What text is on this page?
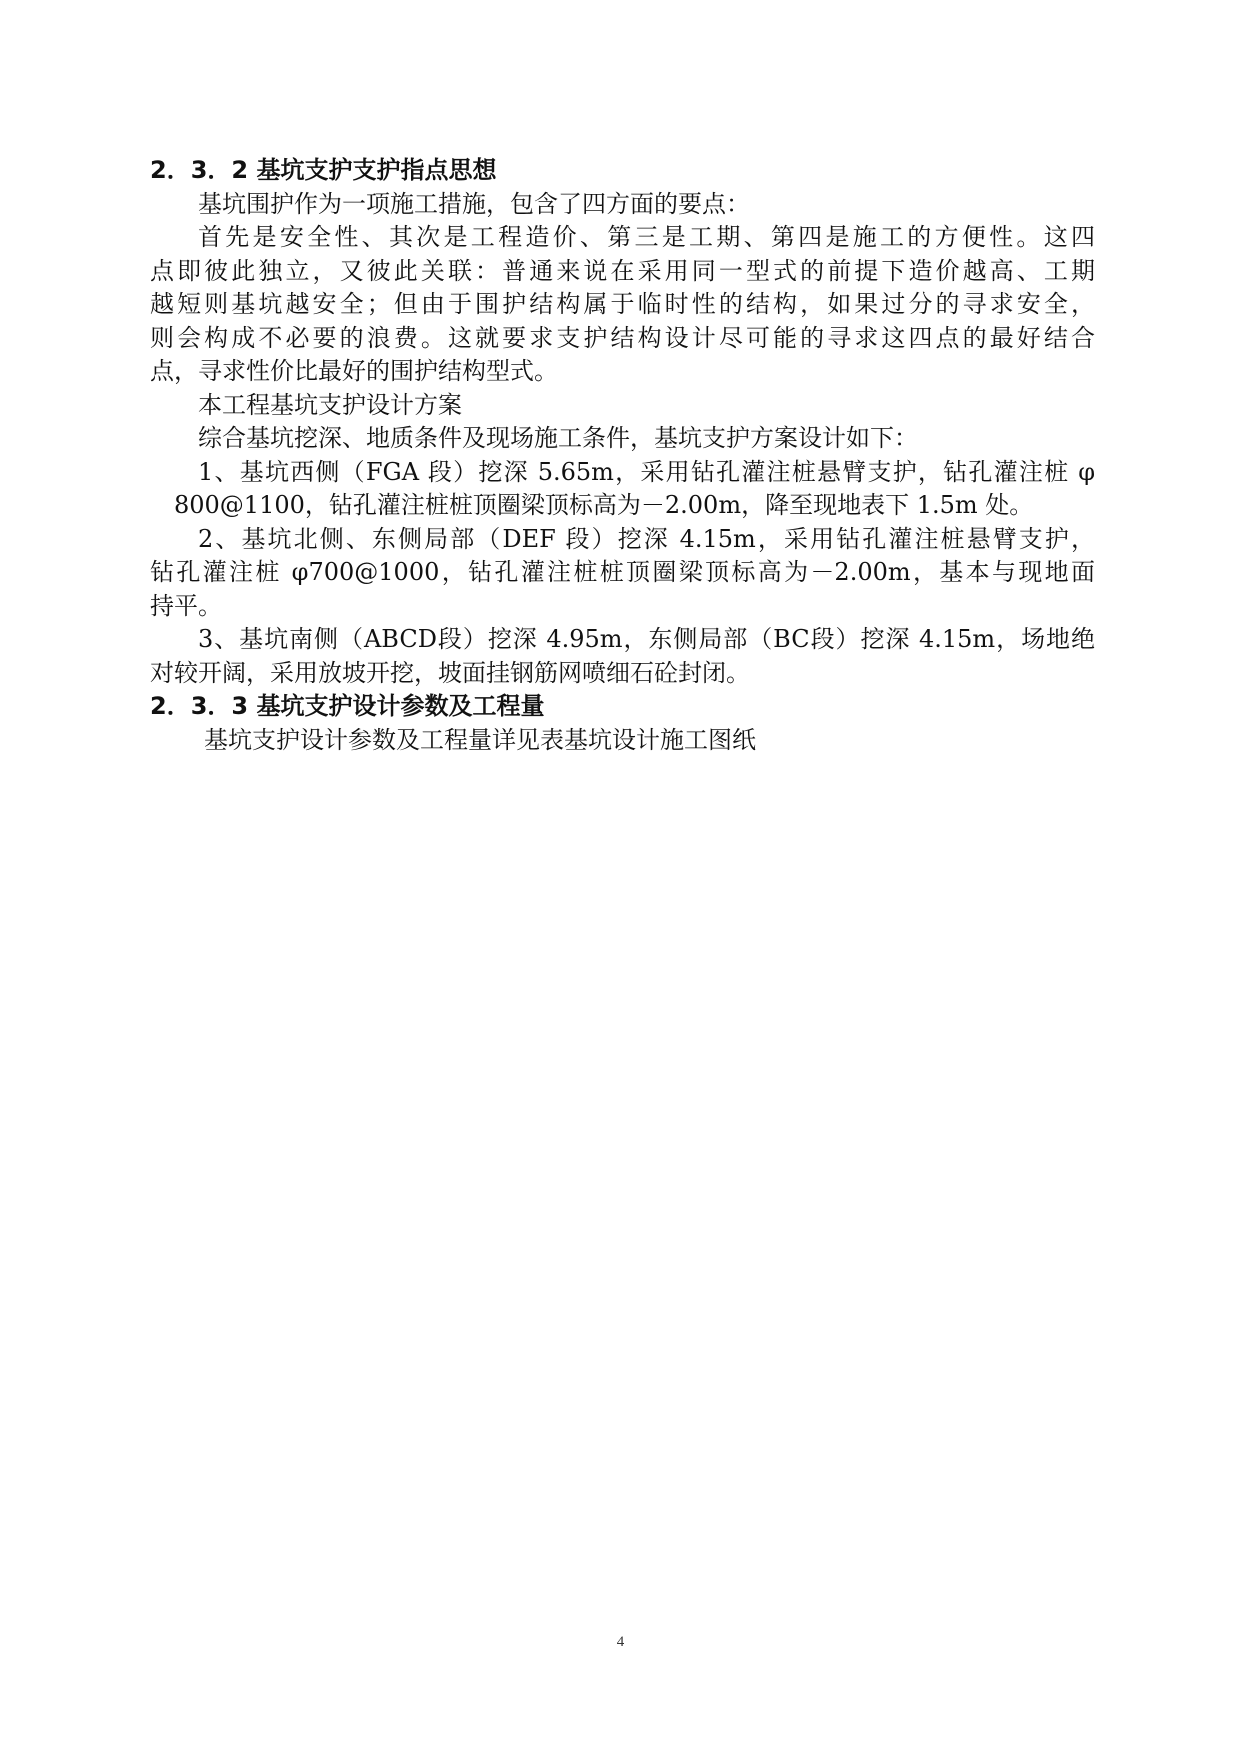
2．3．2 基坑支护支护指点思想
基坑围护作为一项施工措施，包含了四方面的要点：
首先是安全性、其次是工程造价、第三是工期、第四是施工的方便性。这四
点即彼此独立，又彼此关联：普通来说在采用同一型式的前提下造价越高、工期
越短则基坑越安全；但由于围护结构属于临时性的结构，如果过分的寻求安全，
则会构成不必要的浪费。这就要求支护结构设计尽可能的寻求这四点的最好结合
点，寻求性价比最好的围护结构型式。
本工程基坑支护设计方案
综合基坑挖深、地质条件及现场施工条件，基坑支护方案设计如下：
1、基坑西侧（FGA 段）挖深 5.65m，采用钻孔灌注桩悬臂支护，钻孔灌注桩 φ
800@1100，钻孔灌注桩桩顶圈梁顶标高为－2.00m，降至现地表下 1.5m 处。
2、基坑北侧、东侧局部（DEF 段）挖深 4.15m，采用钻孔灌注桩悬臂支护，
钻孔灌注桩 φ700@1000，钻孔灌注桩桩顶圈梁顶标高为－2.00m，基本与现地面
持平。
3、基坑南侧（ABCD段）挖深 4.95m，东侧局部（BC段）挖深 4.15m，场地绝
对较开阔，采用放坡开挖，坡面挂钢筋网喷细石砼封闭。
2．3．3 基坑支护设计参数及工程量
基坑支护设计参数及工程量详见表基坑设计施工图纸
4
